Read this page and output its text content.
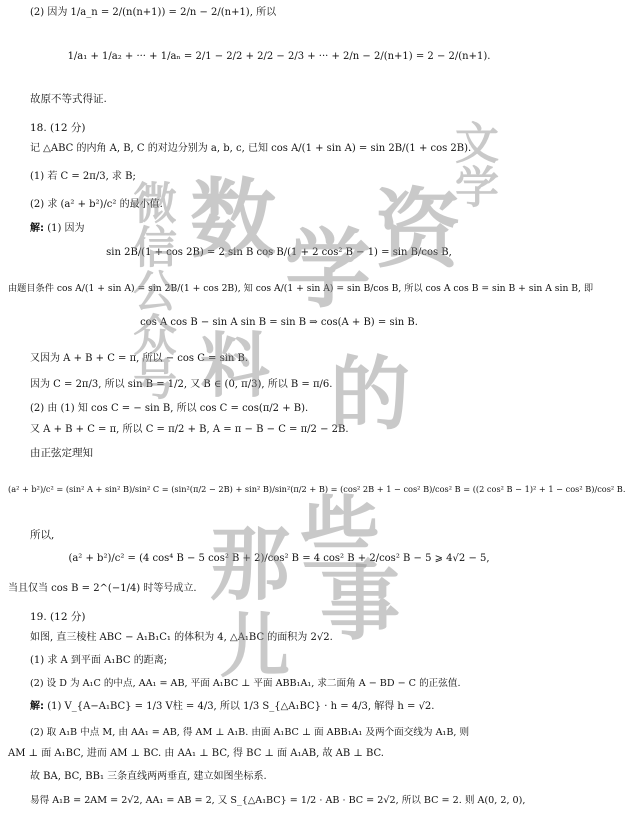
(2) 因为 1/a_n = 2/(n(n+1)) = 2/n − 2/(n+1), 所以
1/a₁ + 1/a₂ + ··· + 1/aₙ = 2/1 − 2/2 + 2/2 − 2/3 + ··· + 2/n − 2/(n+1) = 2 − 2/(n+1).
故原不等式得证.
18. (12 分)
记 △ABC 的内角 A, B, C 的对边分别为 a, b, c, 已知 cos A/(1 + sin A) = sin 2B/(1 + cos 2B).
(1) 若 C = 2π/3, 求 B;
(2) 求 (a² + b²)/c² 的最小值.
解: (1) 因为
sin 2B/(1 + cos 2B) = 2 sin B cos B/(1 + 2 cos² B − 1) = sin B/cos B,
由题目条件 cos A/(1 + sin A) = sin 2B/(1 + cos 2B), 知 cos A/(1 + sin A) = sin B/cos B, 所以 cos A cos B = sin B + sin A sin B, 即
cos A cos B − sin A sin B = sin B ⇒ cos(A + B) = sin B.
又因为 A + B + C = π, 所以 − cos C = sin B.
因为 C = 2π/3, 所以 sin B = 1/2, 又 B ∈ (0, π/3), 所以 B = π/6.
(2) 由 (1) 知 cos C = − sin B, 所以 cos C = cos(π/2 + B).
又 A + B + C = π, 所以 C = π/2 + B, A = π − B − C = π/2 − 2B.
由正弦定理知
(a² + b²)/c² = (sin² A + sin² B)/sin² C = (sin²(π/2 − 2B) + sin² B)/sin²(π/2 + B) = (cos² 2B + 1 − cos² B)/cos² B = ((2 cos² B − 1)² + 1 − cos² B)/cos² B.
所以,
(a² + b²)/c² = (4 cos⁴ B − 5 cos² B + 2)/cos² B = 4 cos² B + 2/cos² B − 5 ⩾ 4√2 − 5,
当且仅当 cos B = 2^(−1/4) 时等号成立.
19. (12 分)
如图, 直三棱柱 ABC − A₁B₁C₁ 的体积为 4, △A₁BC 的面积为 2√2.
(1) 求 A 到平面 A₁BC 的距离;
(2) 设 D 为 A₁C 的中点, AA₁ = AB, 平面 A₁BC ⊥ 平面 ABB₁A₁, 求二面角 A − BD − C 的正弦值.
解: (1) V_{A−A₁BC} = 1/3 V柱 = 4/3, 所以 1/3 S_{△A₁BC} · h = 4/3, 解得 h = √2.
(2) 取 A₁B 中点 M, 由 AA₁ = AB, 得 AM ⊥ A₁B. 由面 A₁BC ⊥ 面 ABB₁A₁ 及两个面交线为 A₁B, 则
AM ⊥ 面 A₁BC, 进而 AM ⊥ BC. 由 AA₁ ⊥ BC, 得 BC ⊥ 面 A₁AB, 故 AB ⊥ BC.
故 BA, BC, BB₁ 三条直线两两垂直, 建立如图坐标系.
易得 A₁B = 2AM = 2√2, AA₁ = AB = 2, 又 S_{△A₁BC} = 1/2 · AB · BC = 2√2, 所以 BC = 2. 则 A(0, 2, 0),
数 学 资
料 的
那 些
事
儿
微信公众号
文学
